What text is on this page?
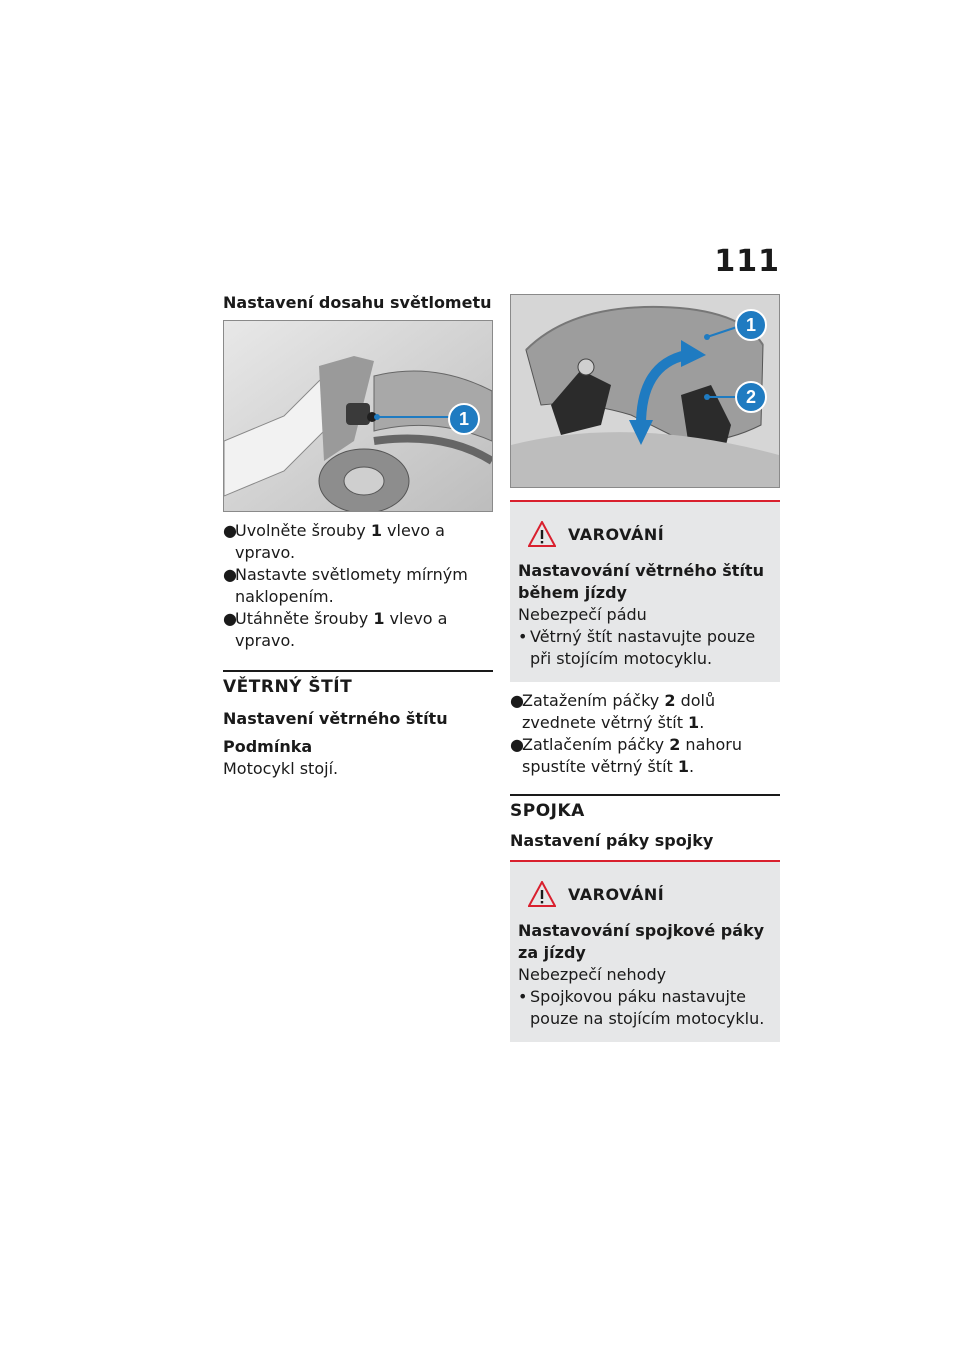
111
Nastavení dosahu světlometu
1
●
Uvolněte šrouby 1 vlevo a vpravo.
●
Nastavte světlomety mírným naklopením.
●
Utáhněte šrouby 1 vlevo a vpravo.
VĚTRNÝ ŠTÍT
Nastavení větrného štítu
Podmínka
Motocykl stojí.
1
2
VAROVÁNÍ
Nastavování větrného štítu během jízdy
Nebezpečí pádu
• Větrný štít nastavujte pouze při stojícím motocyklu.
●
Zatažením páčky 2 dolů zvednete větrný štít 1.
●
Zatlačením páčky 2 nahoru spustíte větrný štít 1.
SPOJKA
Nastavení páky spojky
VAROVÁNÍ
Nastavování spojkové páky za jízdy
Nebezpečí nehody
• Spojkovou páku nastavujte pouze na stojícím motocyklu.
